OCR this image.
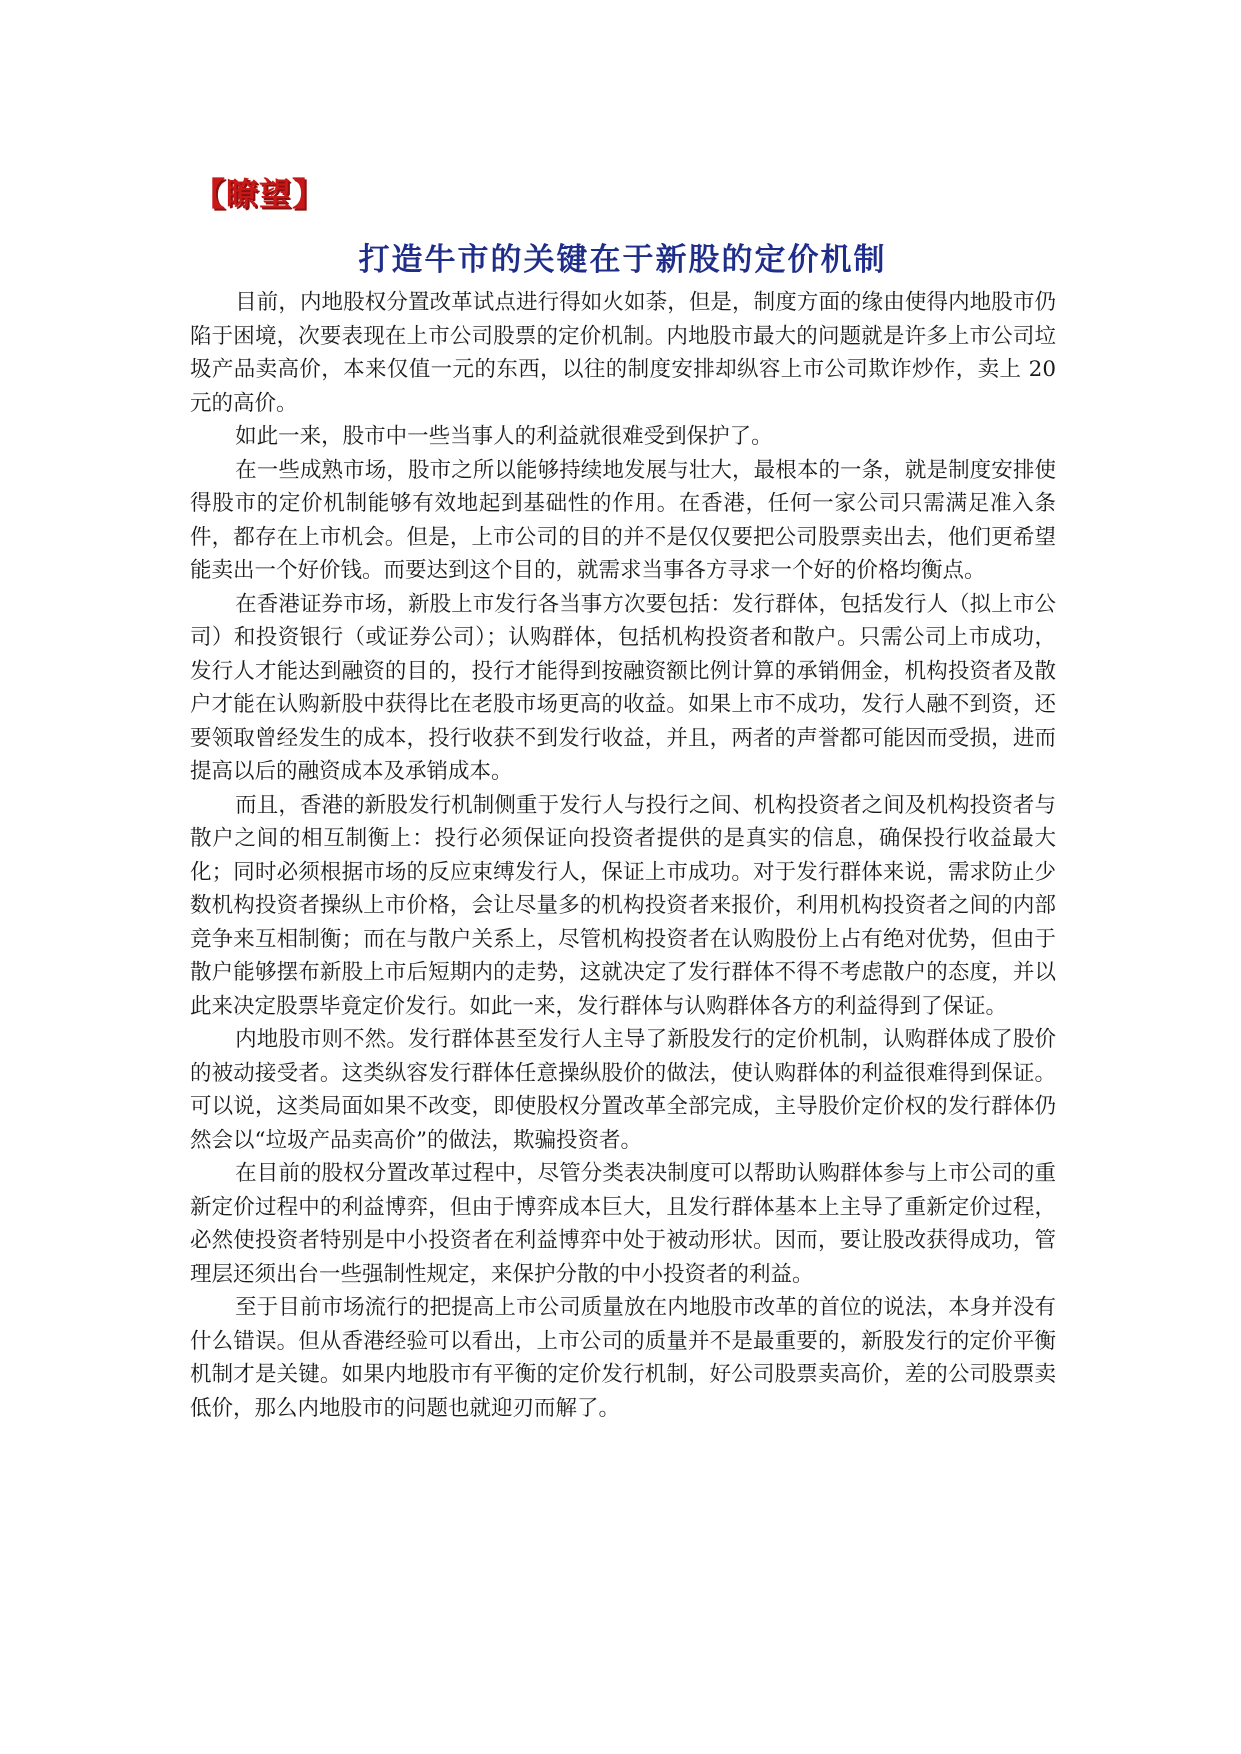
【瞭望】
打造牛市的关键在于新股的定价机制

目前，内地股权分置改革试点进行得如火如荼，但是，制度方面的缘由使得内地股市仍陷于困境，次要表现在上市公司股票的定价机制。内地股市最大的问题就是许多上市公司垃圾产品卖高价，本来仅值一元的东西，以往的制度安排却纵容上市公司欺诈炒作，卖上 20 元的高价。

如此一来，股市中一些当事人的利益就很难受到保护了。

在一些成熟市场，股市之所以能够持续地发展与壮大，最根本的一条，就是制度安排使得股市的定价机制能够有效地起到基础性的作用。在香港，任何一家公司只需满足准入条件，都存在上市机会。但是，上市公司的目的并不是仅仅要把公司股票卖出去，他们更希望能卖出一个好价钱。而要达到这个目的，就需求当事各方寻求一个好的价格均衡点。

在香港证券市场，新股上市发行各当事方次要包括：发行群体，包括发行人（拟上市公司）和投资银行（或证券公司）；认购群体，包括机构投资者和散户。只需公司上市成功，发行人才能达到融资的目的，投行才能得到按融资额比例计算的承销佣金，机构投资者及散户才能在认购新股中获得比在老股市场更高的收益。如果上市不成功，发行人融不到资，还要领取曾经发生的成本，投行收获不到发行收益，并且，两者的声誉都可能因而受损，进而提高以后的融资成本及承销成本。

而且，香港的新股发行机制侧重于发行人与投行之间、机构投资者之间及机构投资者与散户之间的相互制衡上：投行必须保证向投资者提供的是真实的信息，确保投行收益最大化；同时必须根据市场的反应束缚发行人，保证上市成功。对于发行群体来说，需求防止少数机构投资者操纵上市价格，会让尽量多的机构投资者来报价，利用机构投资者之间的内部竞争来互相制衡；而在与散户关系上，尽管机构投资者在认购股份上占有绝对优势，但由于散户能够摆布新股上市后短期内的走势，这就决定了发行群体不得不考虑散户的态度，并以此来决定股票毕竟定价发行。如此一来，发行群体与认购群体各方的利益得到了保证。

内地股市则不然。发行群体甚至发行人主导了新股发行的定价机制，认购群体成了股价的被动接受者。这类纵容发行群体任意操纵股价的做法，使认购群体的利益很难得到保证。可以说，这类局面如果不改变，即使股权分置改革全部完成，主导股价定价权的发行群体仍然会以“垃圾产品卖高价”的做法，欺骗投资者。

在目前的股权分置改革过程中，尽管分类表决制度可以帮助认购群体参与上市公司的重新定价过程中的利益博弈，但由于博弈成本巨大，且发行群体基本上主导了重新定价过程，必然使投资者特别是中小投资者在利益博弈中处于被动形状。因而，要让股改获得成功，管理层还须出台一些强制性规定，来保护分散的中小投资者的利益。

至于目前市场流行的把提高上市公司质量放在内地股市改革的首位的说法，本身并没有什么错误。但从香港经验可以看出，上市公司的质量并不是最重要的，新股发行的定价平衡机制才是关键。如果内地股市有平衡的定价发行机制，好公司股票卖高价，差的公司股票卖低价，那么内地股市的问题也就迎刃而解了。
